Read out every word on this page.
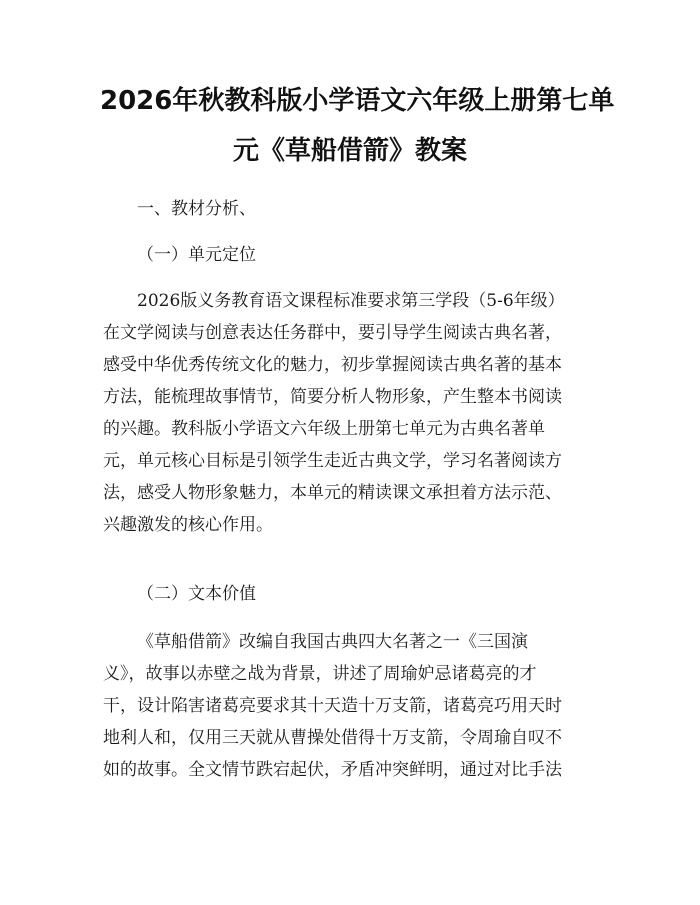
2026年秋教科版小学语文六年级上册第七单
元《草船借箭》教案
一、教材分析、
（一）单元定位
2026版义务教育语文课程标准要求第三学段（5-6年级）
在文学阅读与创意表达任务群中，要引导学生阅读古典名著，
感受中华优秀传统文化的魅力，初步掌握阅读古典名著的基本
方法，能梳理故事情节，简要分析人物形象，产生整本书阅读
的兴趣。教科版小学语文六年级上册第七单元为古典名著单
元，单元核心目标是引领学生走近古典文学，学习名著阅读方
法，感受人物形象魅力，本单元的精读课文承担着方法示范、
兴趣激发的核心作用。
（二）文本价值
《草船借箭》改编自我国古典四大名著之一《三国演
义》，故事以赤壁之战为背景，讲述了周瑜妒忌诸葛亮的才
干，设计陷害诸葛亮要求其十天造十万支箭，诸葛亮巧用天时
地利人和，仅用三天就从曹操处借得十万支箭，令周瑜自叹不
如的故事。全文情节跌宕起伏，矛盾冲突鲜明，通过对比手法
